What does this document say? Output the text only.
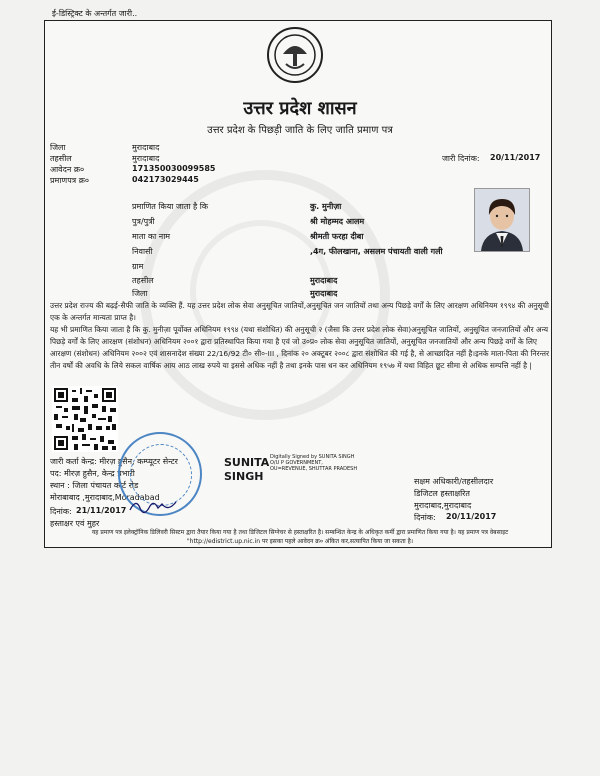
ई-डिस्ट्रिक्ट के अन्तर्गत जारी..
उत्तर प्रदेश शासन
उत्तर प्रदेश के पिछड़ी जाति के लिए जाति प्रमाण पत्र
जिला	मुरादाबाद
तहसील	मुरादाबाद
आवेदन क्र०	171350030099585
प्रमाणपत्र क्र०	042173029445
जारी दिनांक: 20/11/2017
प्रमाणित किया जाता है कि	कु. मुनीज़ा
पुत्र/पुत्री	श्री मोहम्मद आलम
माता का नाम	श्रीमती फरहा दीबा
निवासी	,4ग, फीलखाना, असलम पंचायती वाली गली
ग्राम
तहसील	मुरादाबाद
जिला	मुरादाबाद
उत्तर प्रदेश राज्य की बढ़ई-सैफी जाति के व्यक्ति हैं. यह उत्तर प्रदेश लोक सेवा अनुसूचित जातियों,अनुसूचित जन जातियों तथा अन्य पिछड़े वर्गों के लिए आरक्षण अधिनियम १९९४ की अनुसूची एक के अन्तर्गत मान्यता प्राप्त है।
यह भी प्रमाणित किया जाता है कि कु. मुनीज़ा पूर्वोक्त अधिनियम १९९४ (यथा संशोधित) की अनुसूची २ (जैसा कि उत्तर प्रदेश लोक सेवा)अनुसूचित जातियों, अनुसूचित जनजातियों और अन्य पिछड़े वर्गों के लिए आरक्षण (संशोधन) अधिनियम २००१ द्वारा प्रतिस्थापित किया गया है एवं जो उ०प्र० लोक सेवा अनुसूचित जातियों, अनुसूचित जनजातियों और अन्य पिछड़े वर्गों के लिए आरक्षण (संशोधन) अधिनियम २००२ एवं शासनादेश संख्या 22/16/92 टी० सी०-III , दिनांक २० अक्टूबर २००८ द्वारा संशोधित की गई है, से आच्छादित नहीं है।इनके माता-पिता की निरन्तर तीन वर्षों की अवधि के लिये सकल वार्षिक आय आठ लाख रुपये या इससे अधिक नहीं है तथा इनके पास धन कर अधिनियम १९५७ में यथा विहित छूट सीमा से अधिक सम्पत्ति नहीं है |
जारी कर्ता केन्द्र: मीरज़ हुसैन, कम्प्यूटर सेन्टर
पद: मीरज़ हुसैन, केन्द्र प्रभारी
स्थान : जिला पंचायत कोर्ट रोड
मोराबाबाद ,मुरादाबाद,Moradabad
दिनांक: 21/11/2017
हस्ताक्षर एवं मुहर
SUNITA
SINGH
Digitally Signed by SUNITA SINGH O/U P GOVERNMENT, OU=REVENUE, SHUTTAR PRADESH
सक्षम अधिकारी/तहसीलदार
डिजिटल हस्ताक्षरित
मुरादाबाद,मुरादाबाद
दिनांक: 20/11/2017
यह प्रमाण पत्र इलेक्ट्रॉनिक डिलिवरी सिस्टम द्वारा तैयार किया गया है तथा डिजिटल सिग्नेचर से हस्ताक्षरित है। सम्बन्धित केन्द्र के अधिकृत कर्मी द्वारा प्रमाणित किया गया है। यह प्रमाण पत्र वेबसाइट
"http://edistrict.up.nic.in पर इसका पहले आवेदन क्र० अंकित कर,सत्यापित किया जा सकता है।
